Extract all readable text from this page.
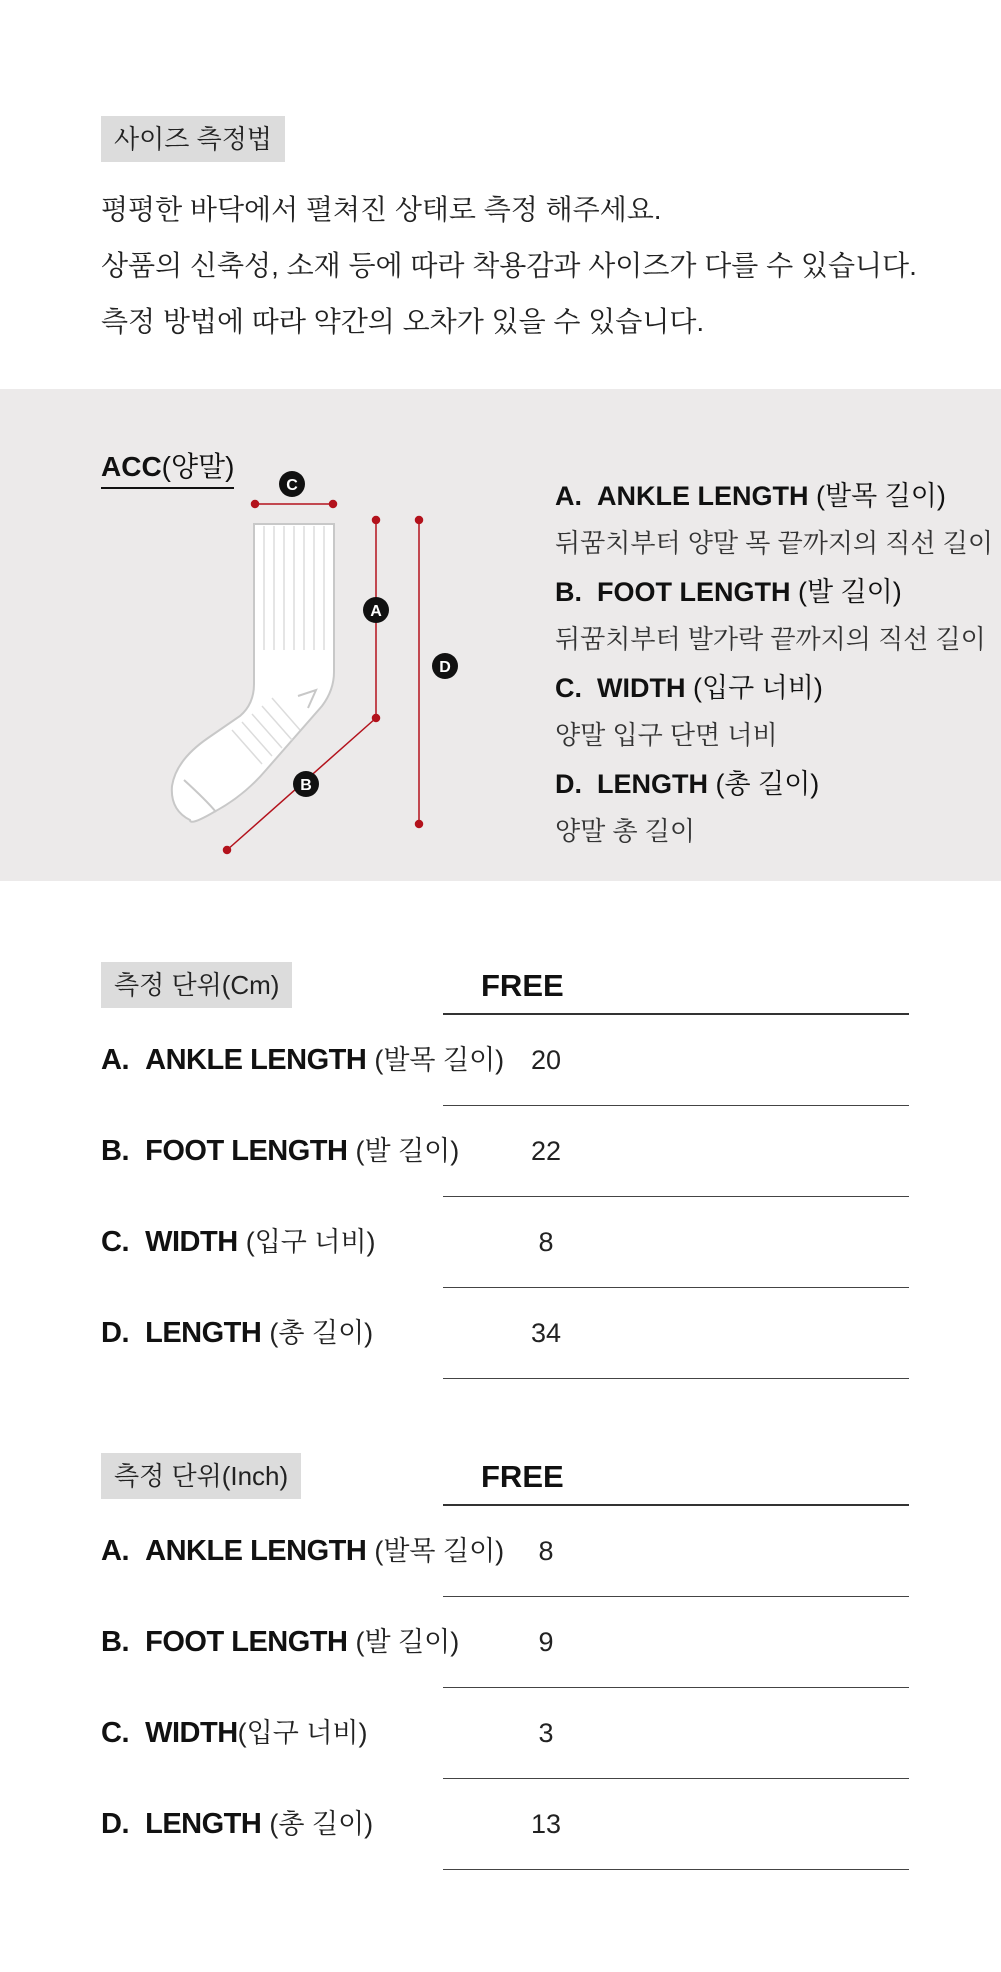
사이즈 측정법
평평한 바닥에서 펼쳐진 상태로 측정 해주세요.
상품의 신축성, 소재 등에 따라 착용감과 사이즈가 다를 수 있습니다.
측정 방법에 따라 약간의 오차가 있을 수 있습니다.
ACC(양말)
C
A
D
B
A. ANKLE LENGTH (발목 길이)
뒤꿈치부터 양말 목 끝까지의 직선 길이
B. FOOT LENGTH (발 길이)
뒤꿈치부터 발가락 끝까지의 직선 길이
C. WIDTH (입구 너비)
양말 입구 단면 너비
D. LENGTH (총 길이)
양말 총 길이
측정 단위(Cm)	FREE
A. ANKLE LENGTH (발목 길이) 20
B. FOOT LENGTH (발 길이)	22
C. WIDTH (입구 너비)	8
D. LENGTH (총 길이)	34
측정 단위(Inch)	FREE
A. ANKLE LENGTH (발목 길이)	8
B. FOOT LENGTH (발 길이)	9
C. WIDTH(입구 너비)	3
D. LENGTH (총 길이)	13
